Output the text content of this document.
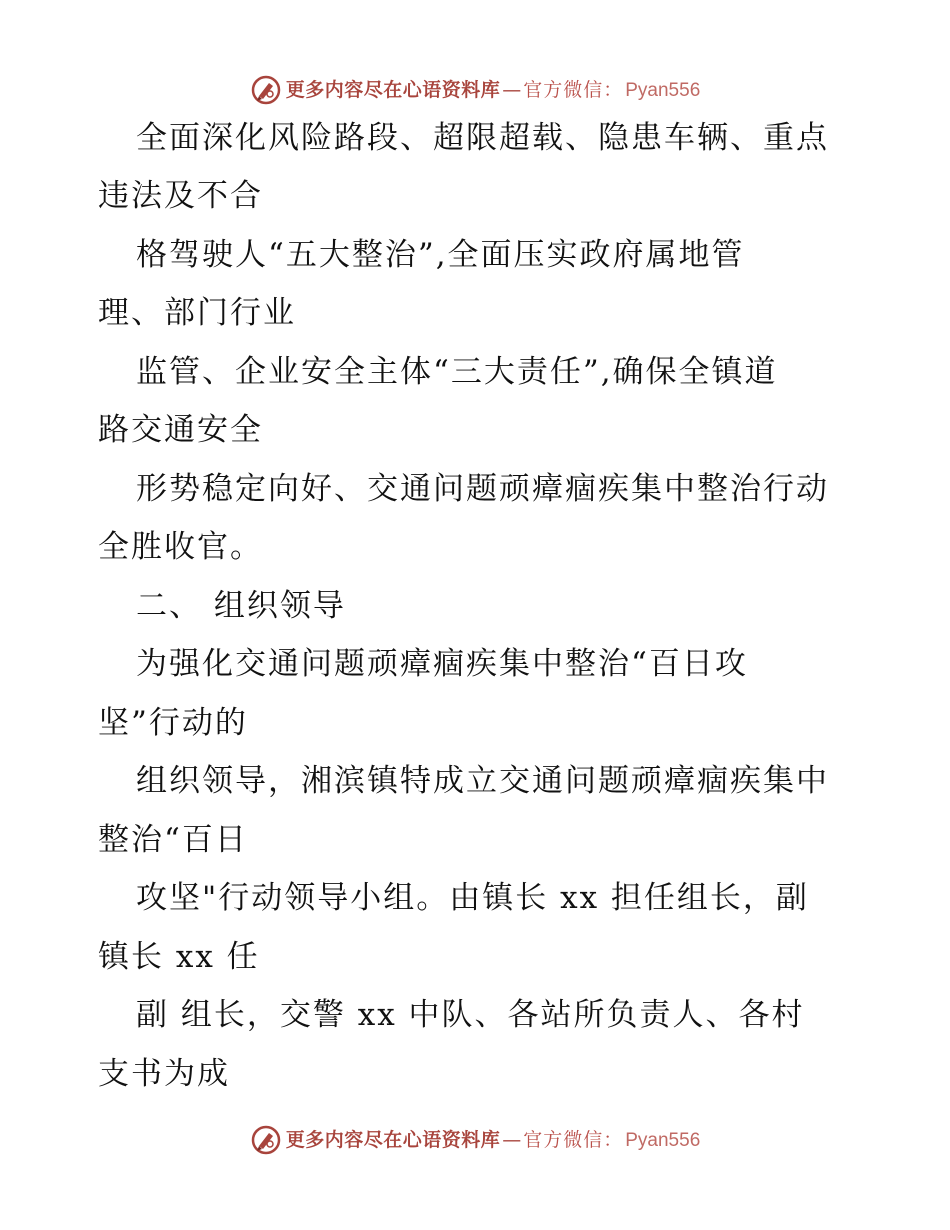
更多内容尽在心语资料库 — 官方微信： Pyan556
全面深化风险路段、超限超载、隐患车辆、重点
违法及不合
格驾驶人“五大整治”,全面压实政府属地管
理、部门行业
监管、企业安全主体“三大责任”,确保全镇道
路交通安全
形势稳定向好、交通问题顽瘴痼疾集中整治行动
全胜收官。
二、 组织领导
为强化交通问题顽瘴痼疾集中整治“百日攻
坚”行动的
组织领导，湘滨镇特成立交通问题顽瘴痼疾集中
整治“百日
攻坚"行动领导小组。由镇长 xx 担任组长，副
镇长 xx 任
副 组长，交警 xx 中队、各站所负责人、各村
支书为成
更多内容尽在心语资料库 — 官方微信： Pyan556
